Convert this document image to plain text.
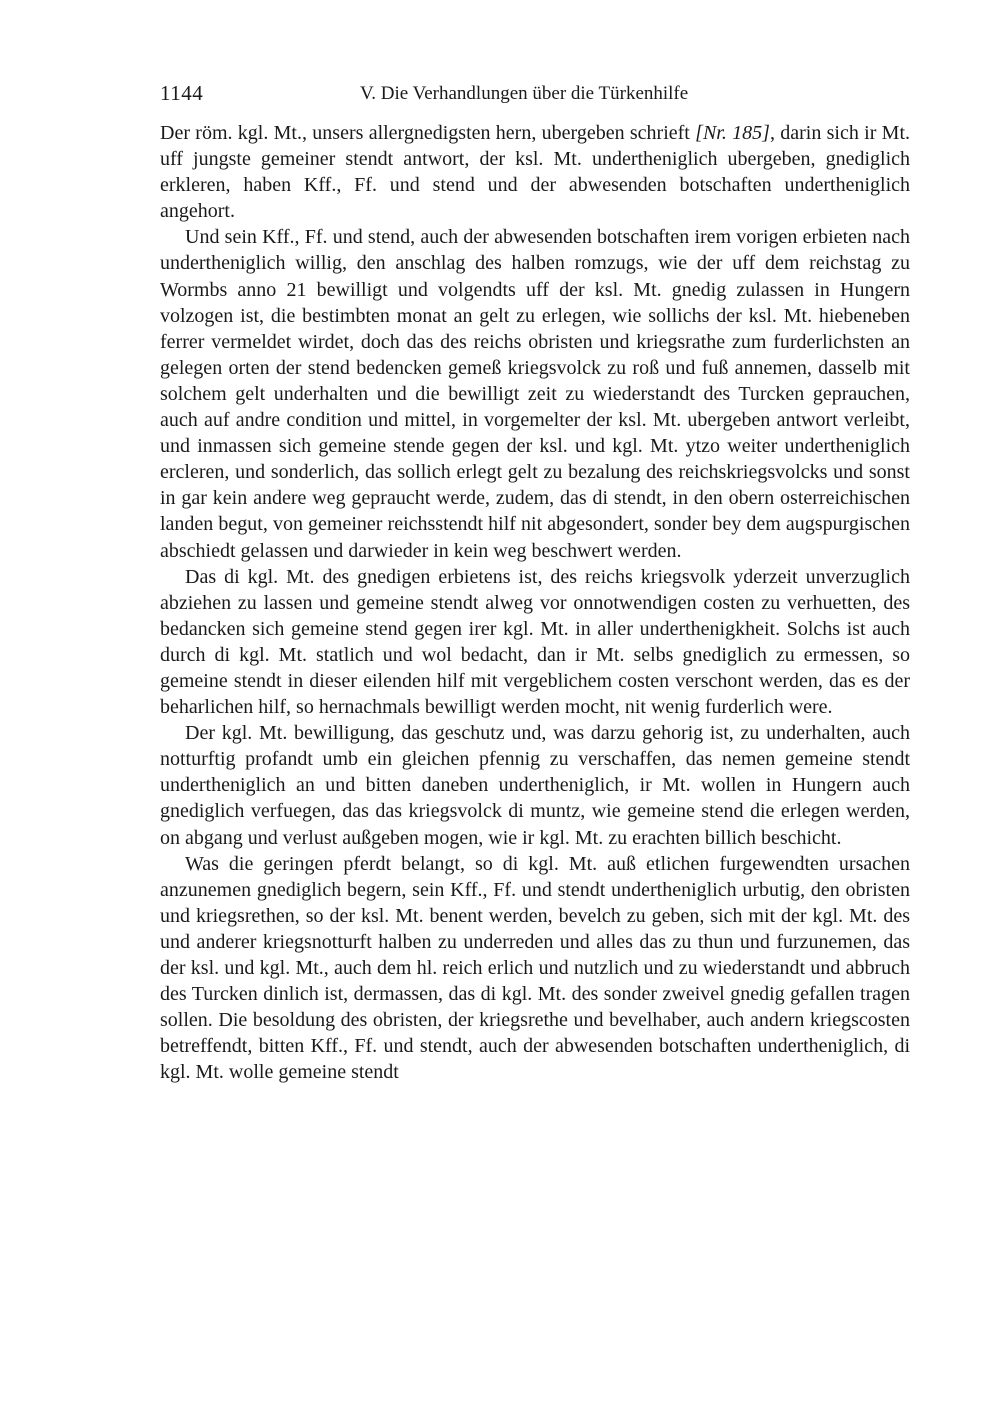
1144	V. Die Verhandlungen über die Türkenhilfe

Der röm. kgl. Mt., unsers allergnedigsten hern, ubergeben schrieft [Nr. 185], darin sich ir Mt. uff jungste gemeiner stendt antwort, der ksl. Mt. undertheniglich ubergeben, gnediglich erkleren, haben Kff., Ff. und stend und der abwesenden botschaften undertheniglich angehort.

Und sein Kff., Ff. und stend, auch der abwesenden botschaften irem vorigen erbieten nach undertheniglich willig, den anschlag des halben romzugs, wie der uff dem reichstag zu Wormbs anno 21 bewilligt und volgendts uff der ksl. Mt. gnedig zulassen in Hungern volzogen ist, die bestimbten monat an gelt zu erlegen, wie sollichs der ksl. Mt. hiebeneben ferrer vermeldet wirdet, doch das des reichs obristen und kriegsrathe zum furderlichsten an gelegen orten der stend bedencken gemeß kriegsvolck zu roß und fuß annemen, dasselb mit solchem gelt underhalten und die bewilligt zeit zu wiederstandt des Turcken geprauchen, auch auf andre condition und mittel, in vorgemelter der ksl. Mt. ubergeben antwort verleibt, und inmassen sich gemeine stende gegen der ksl. und kgl. Mt. ytzo weiter undertheniglich ercleren, und sonderlich, das sollich erlegt gelt zu bezalung des reichskriegsvolcks und sonst in gar kein andere weg gepraucht werde, zudem, das di stendt, in den obern osterreichischen landen begut, von gemeiner reichsstendt hilf nit abgesondert, sonder bey dem augspurgischen abschiedt gelassen und darwieder in kein weg beschwert werden.

Das di kgl. Mt. des gnedigen erbietens ist, des reichs kriegsvolk yderzeit unverzuglich abziehen zu lassen und gemeine stendt alweg vor onnotwendigen costen zu verhuetten, des bedancken sich gemeine stend gegen irer kgl. Mt. in aller underthenigkheit. Solchs ist auch durch di kgl. Mt. statlich und wol bedacht, dan ir Mt. selbs gnediglich zu ermessen, so gemeine stendt in dieser eilenden hilf mit vergeblichem costen verschont werden, das es der beharlichen hilf, so hernachmals bewilligt werden mocht, nit wenig furderlich were.

Der kgl. Mt. bewilligung, das geschutz und, was darzu gehorig ist, zu underhalten, auch notturftig profandt umb ein gleichen pfennig zu verschaffen, das nemen gemeine stendt undertheniglich an und bitten daneben undertheniglich, ir Mt. wollen in Hungern auch gnediglich verfuegen, das das kriegsvolck di muntz, wie gemeine stend die erlegen werden, on abgang und verlust außgeben mogen, wie ir kgl. Mt. zu erachten billich beschicht.

Was die geringen pferdt belangt, so di kgl. Mt. auß etlichen furgewendten ursachen anzunemen gnediglich begern, sein Kff., Ff. und stendt undertheniglich urbutig, den obristen und kriegsrethen, so der ksl. Mt. benent werden, bevelch zu geben, sich mit der kgl. Mt. des und anderer kriegsnotturft halben zu underreden und alles das zu thun und furzunemen, das der ksl. und kgl. Mt., auch dem hl. reich erlich und nutzlich und zu wiederstandt und abbruch des Turcken dinlich ist, dermassen, das di kgl. Mt. des sonder zweivel gnedig gefallen tragen sollen. Die besoldung des obristen, der kriegsrethe und bevelhaber, auch andern kriegscosten betreffendt, bitten Kff., Ff. und stendt, auch der abwesenden botschaften undertheniglich, di kgl. Mt. wolle gemeine stendt
